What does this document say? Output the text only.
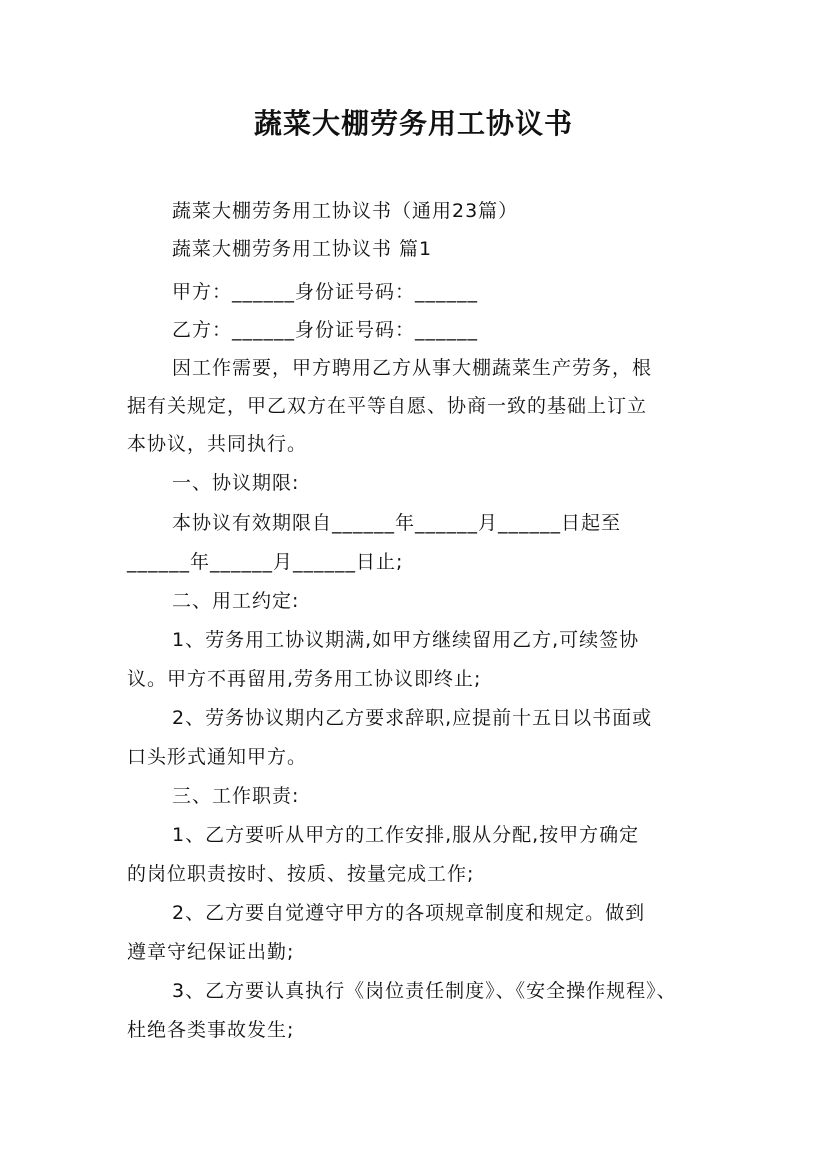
蔬菜大棚劳务用工协议书
蔬菜大棚劳务用工协议书（通用23篇）
蔬菜大棚劳务用工协议书 篇1
甲方：______身份证号码：______
乙方：______身份证号码：______
因工作需要，甲方聘用乙方从事大棚蔬菜生产劳务，根
据有关规定，甲乙双方在平等自愿、协商一致的基础上订立
本协议，共同执行。
一、协议期限:
本协议有效期限自______年______月______日起至
______年______月______日止;
二、用工约定:
1、劳务用工协议期满,如甲方继续留用乙方,可续签协
议。甲方不再留用,劳务用工协议即终止;
2、劳务协议期内乙方要求辞职,应提前十五日以书面或
口头形式通知甲方。
三、工作职责:
1、乙方要听从甲方的工作安排,服从分配,按甲方确定
的岗位职责按时、按质、按量完成工作;
2、乙方要自觉遵守甲方的各项规章制度和规定。做到
遵章守纪保证出勤;
3、乙方要认真执行《岗位责任制度》、《安全操作规程》、
杜绝各类事故发生;
